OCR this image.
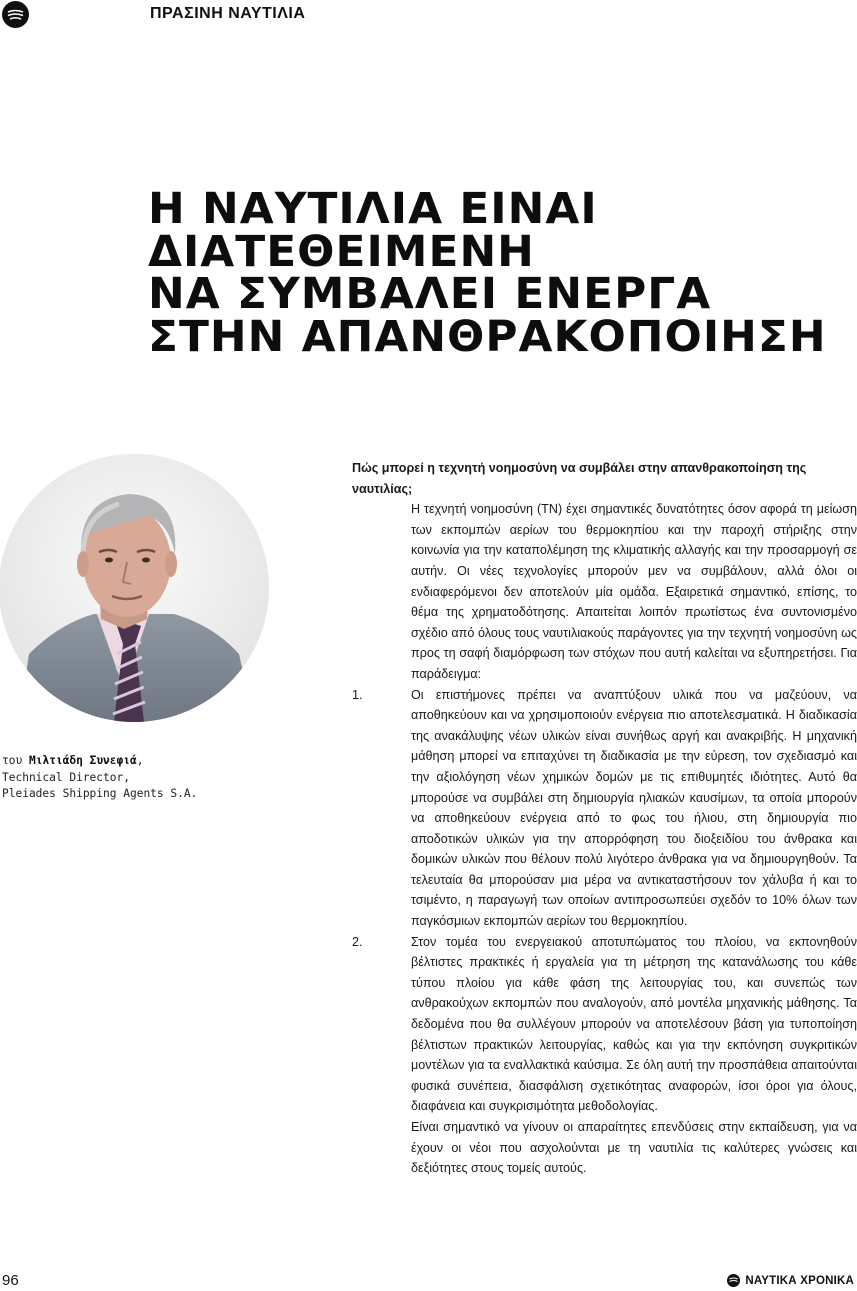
ΠΡΑΣΙΝΗ ΝΑΥΤΙΛΙΑ
Η ΝΑΥΤΙΛΙΑ ΕΙΝΑΙ
ΔΙΑΤΕΘΕΙΜΕΝΗ
ΝΑ ΣΥΜΒΑΛΕΙ ΕΝΕΡΓΑ
ΣΤΗΝ ΑΠΑΝΘΡΑΚΟΠΟΙΗΣΗ
του Μιλτιάδη Συνεφιά,
Technical Director,
Pleiades Shipping Agents S.A.

Πώς μπορεί η τεχνητή νοημοσύνη να συμβάλει στην απανθρακοποίηση της ναυτιλίας;

Η τεχνητή νοημοσύνη (ΤΝ) έχει σημαντικές δυνατότητες όσον αφορά τη μείωση των εκπομπών αερίων του θερμοκηπίου και την παροχή στήριξης στην κοινωνία για την καταπολέμηση της κλιματικής αλλαγής και την προσαρμογή σε αυτήν. Οι νέες τεχνολογίες μπορούν μεν να συμβάλουν, αλλά όλοι οι ενδιαφερόμενοι δεν αποτελούν μία ομάδα. Εξαιρετικά σημαντικό, επίσης, το θέμα της χρηματοδότησης. Απαιτείται λοιπόν πρωτίστως ένα συντονισμένο σχέδιο από όλους τους ναυτιλιακούς παράγοντες για την τεχνητή νοημοσύνη ως προς τη σαφή διαμόρφωση των στόχων που αυτή καλείται να εξυπηρετήσει. Για παράδειγμα:

1.	Οι επιστήμονες πρέπει να αναπτύξουν υλικά που να μαζεύουν, να αποθηκεύουν και να χρησιμοποιούν ενέργεια πιο αποτελεσματικά. Η διαδικασία της ανακάλυψης νέων υλικών είναι συνήθως αργή και ανακριβής. Η μηχανική μάθηση μπορεί να επιταχύνει τη διαδικασία με την εύρεση, τον σχεδιασμό και την αξιολόγηση νέων χημικών δομών με τις επιθυμητές ιδιότητες. Αυτό θα μπορούσε να συμβάλει στη δημιουργία ηλιακών καυσίμων, τα οποία μπορούν να αποθηκεύουν ενέργεια από το φως του ήλιου, στη δημιουργία πιο αποδοτικών υλικών για την απορρόφηση του διοξειδίου του άνθρακα και δομικών υλικών που θέλουν πολύ λιγότερο άνθρακα για να δημιουργηθούν. Τα τελευταία θα μπορούσαν μια μέρα να αντικαταστήσουν τον χάλυβα ή και το τσιμέντο, η παραγωγή των οποίων αντιπροσωπεύει σχεδόν το 10% όλων των παγκόσμιων εκπομπών αερίων του θερμοκηπίου.

2.	Στον τομέα του ενεργειακού αποτυπώματος του πλοίου, να εκπονηθούν βέλτιστες πρακτικές ή εργαλεία για τη μέτρηση της κατανάλωσης του κάθε τύπου πλοίου για κάθε φάση της λειτουργίας του, και συνεπώς των ανθρακούχων εκπομπών που αναλογούν, από μοντέλα μηχανικής μάθησης. Τα δεδομένα που θα συλλέγουν μπορούν να αποτελέσουν βάση για τυποποίηση βέλτιστων πρακτικών λειτουργίας, καθώς και για την εκπόνηση συγκριτικών μοντέλων για τα εναλλακτικά καύσιμα. Σε όλη αυτή την προσπάθεια απαιτούνται φυσικά συνέπεια, διασφάλιση σχετικότητας αναφορών, ίσοι όροι για όλους, διαφάνεια και συγκρισιμότητα μεθοδολογίας.

Είναι σημαντικό να γίνουν οι απαραίτητες επενδύσεις στην εκπαίδευση, για να έχουν οι νέοι που ασχολούνται με τη ναυτιλία τις καλύτερες γνώσεις και δεξιότητες στους τομείς αυτούς.

96	ΝΑΥΤΙΚΑ ΧΡΟΝΙΚΑ
